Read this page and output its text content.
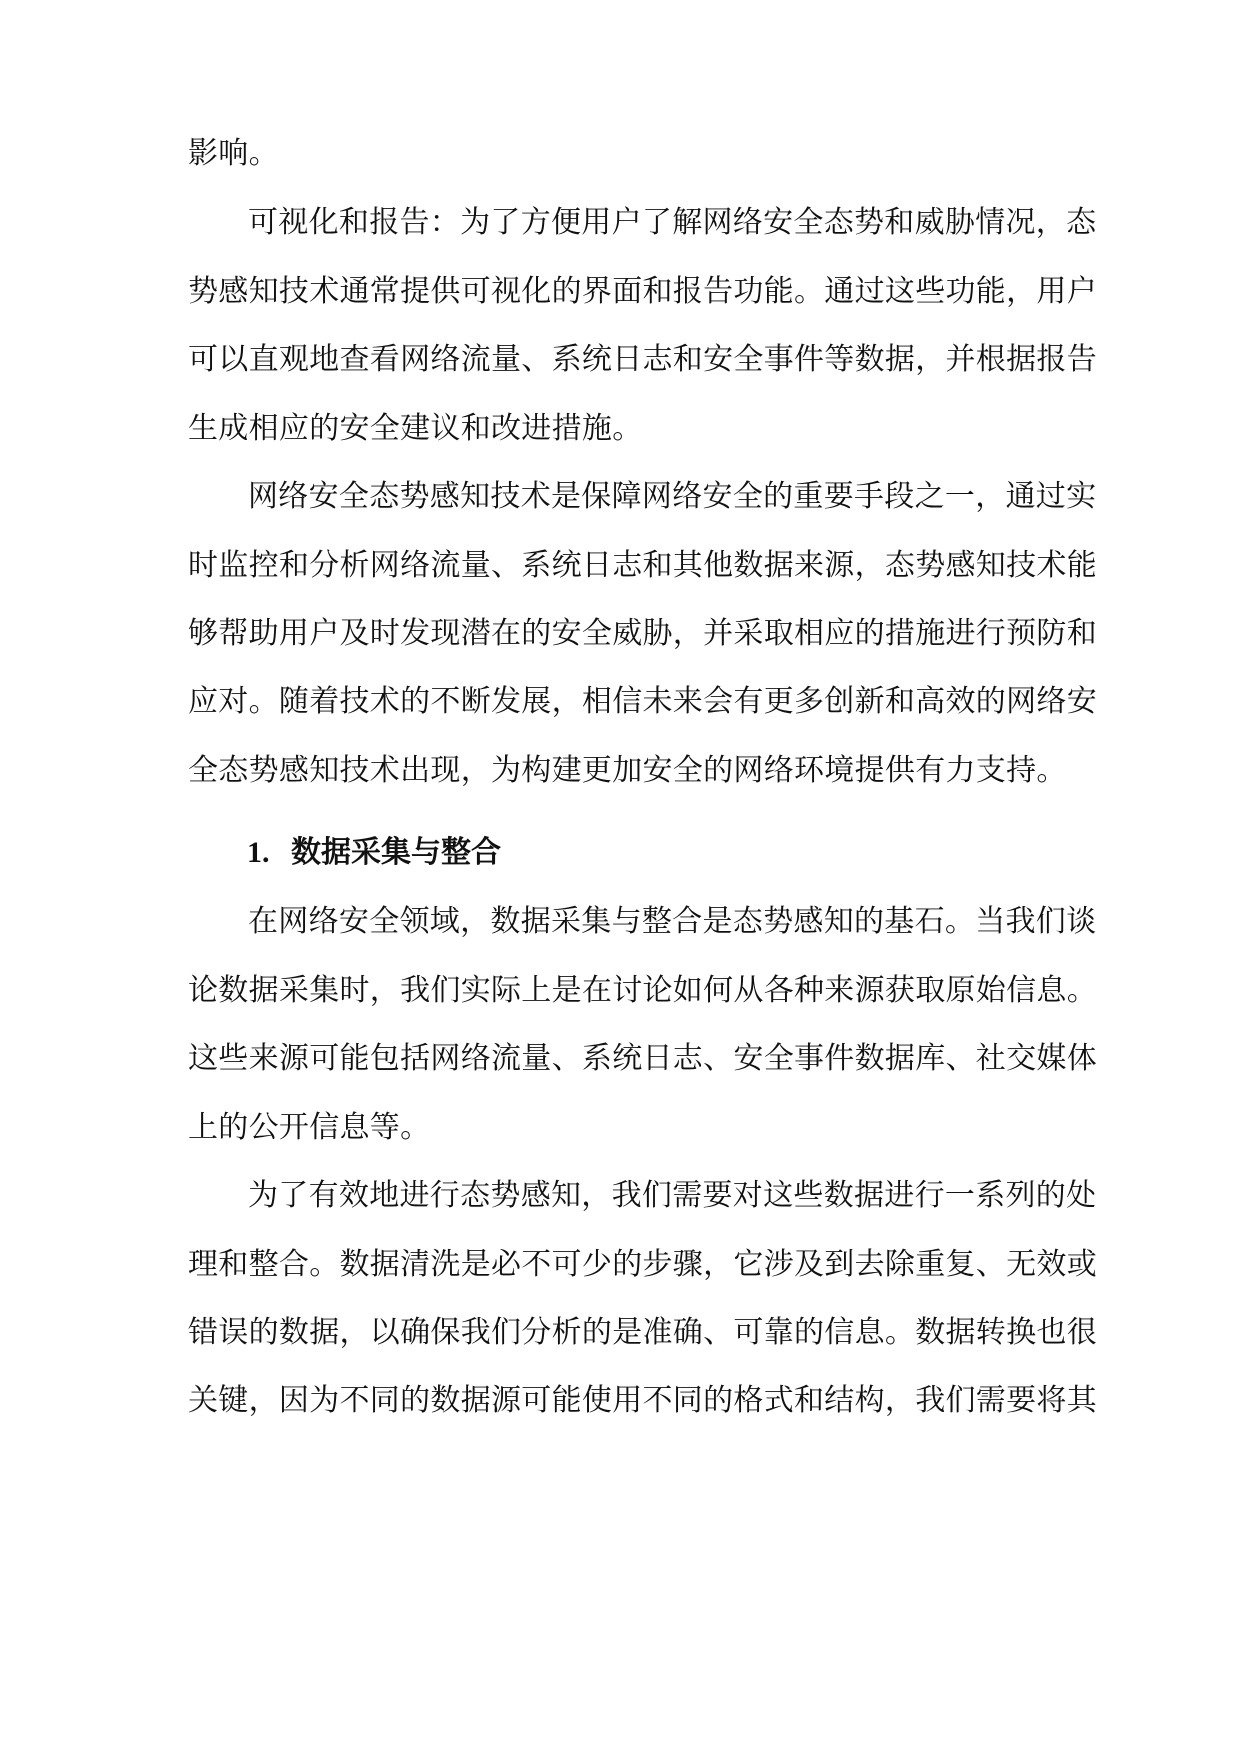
影响。
可视化和报告：为了方便用户了解网络安全态势和威胁情况，态
势感知技术通常提供可视化的界面和报告功能。通过这些功能，用户
可以直观地查看网络流量、系统日志和安全事件等数据，并根据报告
生成相应的安全建议和改进措施。
网络安全态势感知技术是保障网络安全的重要手段之一，通过实
时监控和分析网络流量、系统日志和其他数据来源，态势感知技术能
够帮助用户及时发现潜在的安全威胁，并采取相应的措施进行预防和
应对。随着技术的不断发展，相信未来会有更多创新和高效的网络安
全态势感知技术出现，为构建更加安全的网络环境提供有力支持。
1. 数据采集与整合
在网络安全领域，数据采集与整合是态势感知的基石。当我们谈
论数据采集时，我们实际上是在讨论如何从各种来源获取原始信息。
这些来源可能包括网络流量、系统日志、安全事件数据库、社交媒体
上的公开信息等。
为了有效地进行态势感知，我们需要对这些数据进行一系列的处
理和整合。数据清洗是必不可少的步骤，它涉及到去除重复、无效或
错误的数据，以确保我们分析的是准确、可靠的信息。数据转换也很
关键，因为不同的数据源可能使用不同的格式和结构，我们需要将其
